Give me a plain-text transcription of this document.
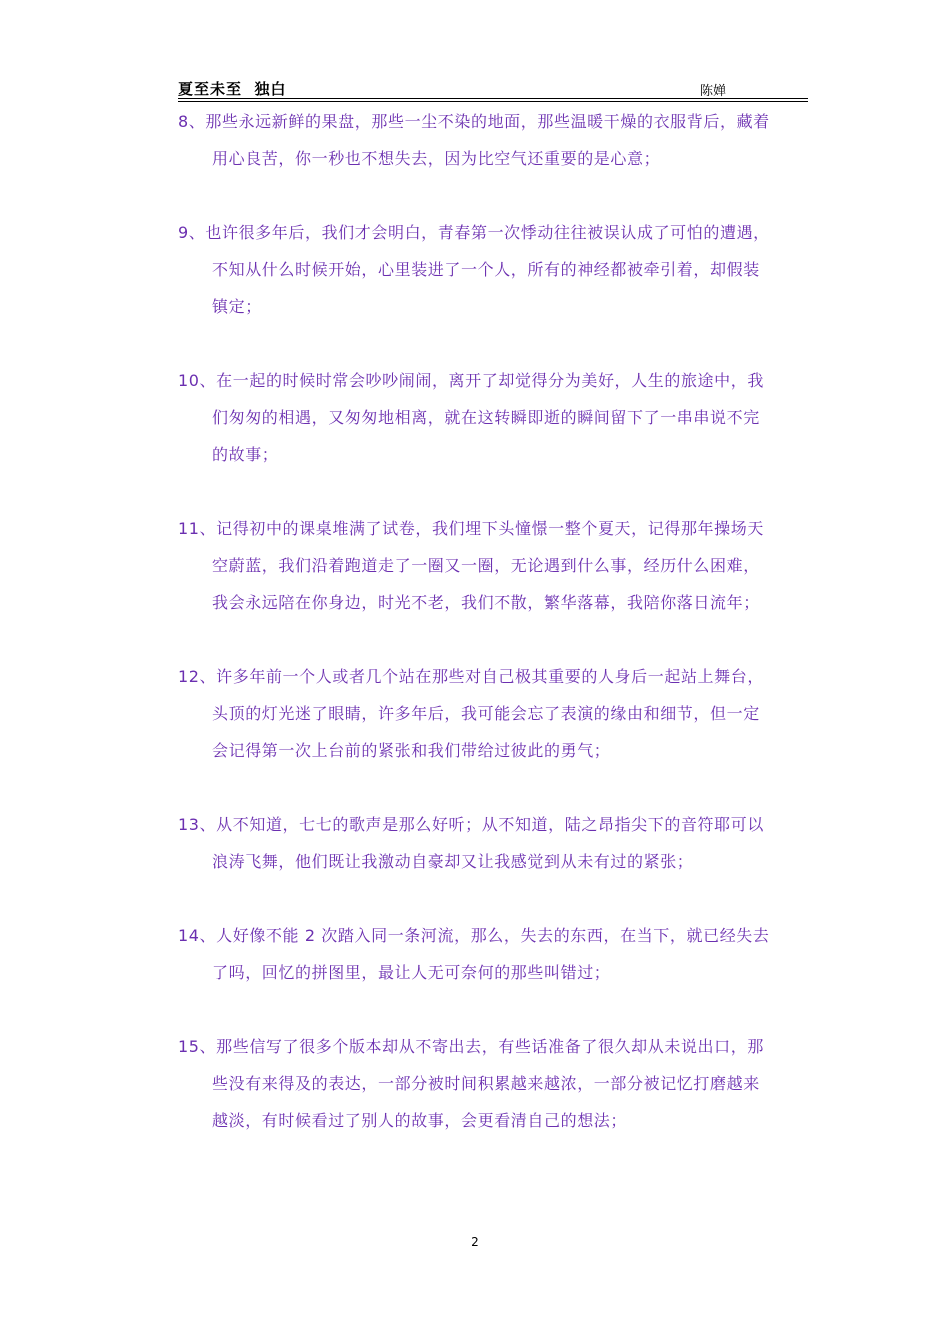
夏至未至  独白	陈婵
8、那些永远新鲜的果盘，那些一尘不染的地面，那些温暖干燥的衣服背后，藏着
用心良苦，你一秒也不想失去，因为比空气还重要的是心意；
9、也许很多年后，我们才会明白，青春第一次悸动往往被误认成了可怕的遭遇，
不知从什么时候开始，心里装进了一个人，所有的神经都被牵引着，却假装
镇定；
10、在一起的时候时常会吵吵闹闹，离开了却觉得分为美好，人生的旅途中，我
们匆匆的相遇，又匆匆地相离，就在这转瞬即逝的瞬间留下了一串串说不完
的故事；
11、记得初中的课桌堆满了试卷，我们埋下头憧憬一整个夏天，记得那年操场天
空蔚蓝，我们沿着跑道走了一圈又一圈，无论遇到什么事，经历什么困难，
我会永远陪在你身边，时光不老，我们不散，繁华落幕，我陪你落日流年；
12、许多年前一个人或者几个站在那些对自己极其重要的人身后一起站上舞台，
头顶的灯光迷了眼睛，许多年后，我可能会忘了表演的缘由和细节，但一定
会记得第一次上台前的紧张和我们带给过彼此的勇气；
13、从不知道，七七的歌声是那么好听；从不知道，陆之昂指尖下的音符耶可以
浪涛飞舞，他们既让我激动自豪却又让我感觉到从未有过的紧张；
14、人好像不能 2 次踏入同一条河流，那么，失去的东西，在当下，就已经失去
了吗，回忆的拼图里，最让人无可奈何的那些叫错过；
15、那些信写了很多个版本却从不寄出去，有些话准备了很久却从未说出口，那
些没有来得及的表达，一部分被时间积累越来越浓，一部分被记忆打磨越来
越淡，有时候看过了别人的故事，会更看清自己的想法；
2
